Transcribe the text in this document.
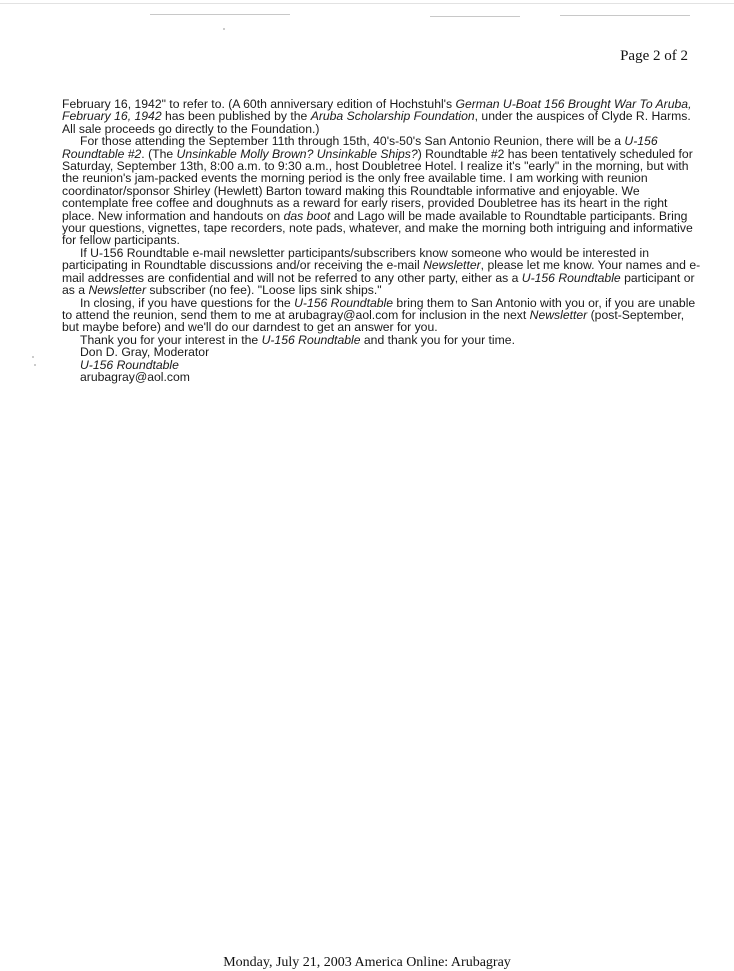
Page 2 of 2

February 16, 1942" to refer to. (A 60th anniversary edition of Hochstuhl's German U-Boat 156 Brought War To Aruba, February 16, 1942 has been published by the Aruba Scholarship Foundation, under the auspices of Clyde R. Harms. All sale proceeds go directly to the Foundation.)

For those attending the September 11th through 15th, 40's-50's San Antonio Reunion, there will be a U-156 Roundtable #2. (The Unsinkable Molly Brown? Unsinkable Ships?) Roundtable #2 has been tentatively scheduled for Saturday, September 13th, 8:00 a.m. to 9:30 a.m., host Doubletree Hotel. I realize it's "early" in the morning, but with the reunion's jam-packed events the morning period is the only free available time. I am working with reunion coordinator/sponsor Shirley (Hewlett) Barton toward making this Roundtable informative and enjoyable. We contemplate free coffee and doughnuts as a reward for early risers, provided Doubletree has its heart in the right place. New information and handouts on das boot and Lago will be made available to Roundtable participants. Bring your questions, vignettes, tape recorders, note pads, whatever, and make the morning both intriguing and informative for fellow participants.

If U-156 Roundtable e-mail newsletter participants/subscribers know someone who would be interested in participating in Roundtable discussions and/or receiving the e-mail Newsletter, please let me know. Your names and e-mail addresses are confidential and will not be referred to any other party, either as a U-156 Roundtable participant or as a Newsletter subscriber (no fee). "Loose lips sink ships."

In closing, if you have questions for the U-156 Roundtable bring them to San Antonio with you or, if you are unable to attend the reunion, send them to me at arubagray@aol.com for inclusion in the next Newsletter (post-September, but maybe before) and we'll do our darndest to get an answer for you.

Thank you for your interest in the U-156 Roundtable and thank you for your time.

Don D. Gray, Moderator

U-156 Roundtable

arubagray@aol.com

Monday, July 21, 2003 America Online: Arubagray
